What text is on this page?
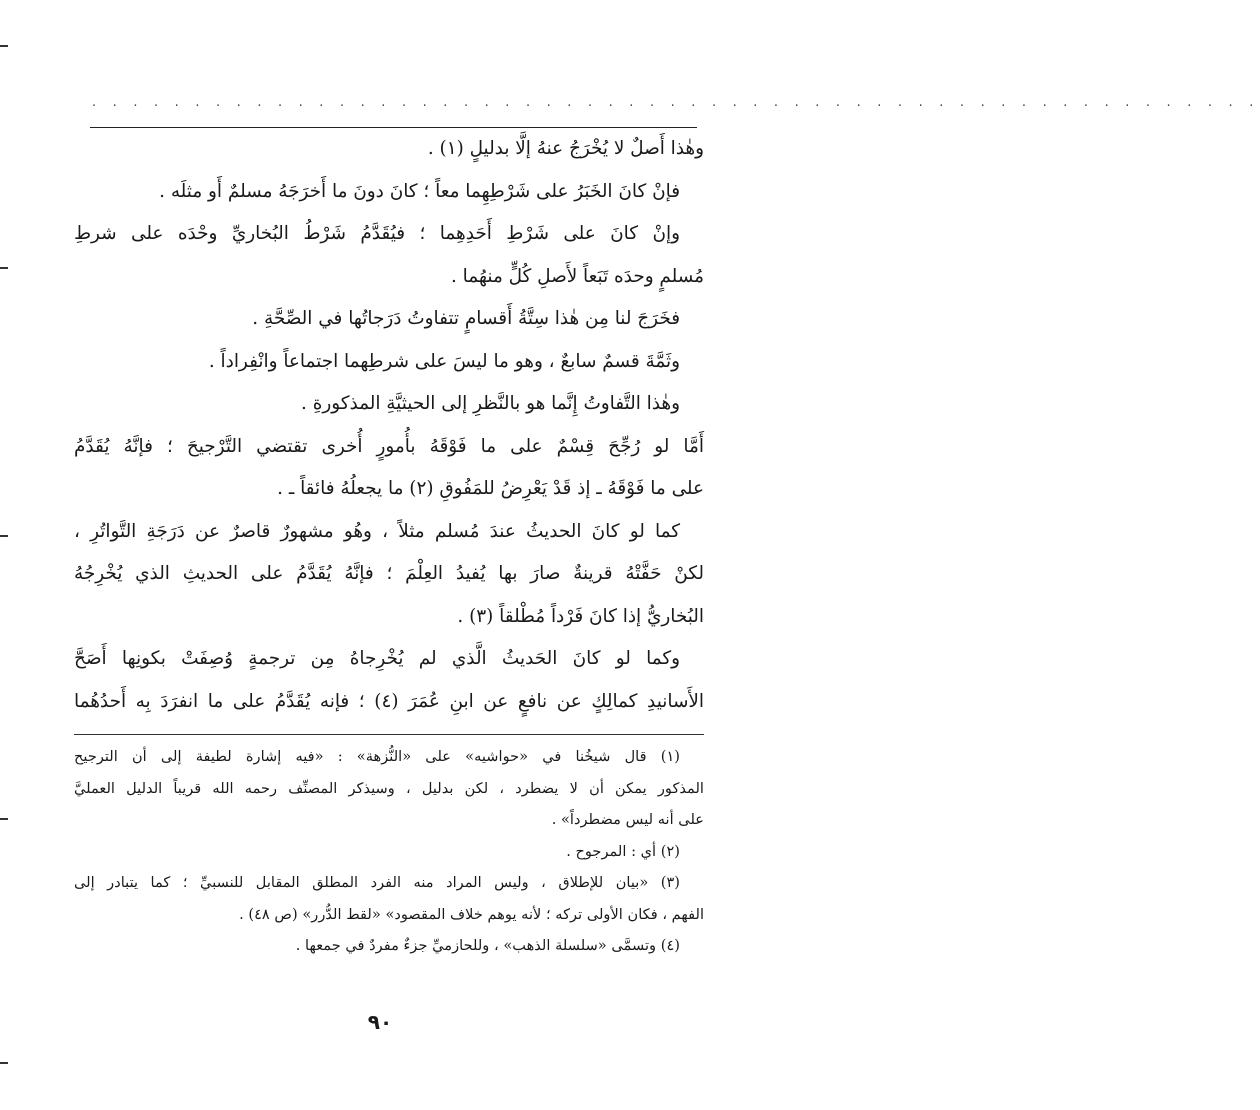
. . . . . . . . . . . . . . . . . . . . . . . . . . . . . . . . . . . . . . . . . . . . . . . . . . . . . . . . .
وهٰذا أَصلٌ لا يُخْرَجُ عنهُ إلَّا بدليلٍ (١) .
فإنْ كانَ الخَبَرُ على شَرْطِهِما معاً ؛ كانَ دونَ ما أَخرَجَهُ مسلمٌ أَو مثلَه .
وإنْ كانَ على شَرْطِ أَحَدِهِما ؛ فيُقَدَّمُ شَرْطُ البُخاريِّ وحْدَه على شرطِ
مُسلمٍ وحدَه تَبَعاً لأَصلِ كُلٍّ منهُما .
فخَرَجَ لنا مِن هٰذا سِتَّةُ أَقسامٍ تتفاوتُ دَرَجاتُها في الصِّحَّةِ .
وثَمَّةَ قسمٌ سابعٌ ، وهو ما ليسَ على شرطِهما اجتماعاً وانْفِراداً .
وهٰذا التَّفاوتُ إِنَّما هو بالنَّظرِ إلى الحيثيَّةِ المذكورةِ .
أَمَّا لو رُجِّحَ قِسْمٌ على ما فَوْقَهُ بأُمورٍ أُخرى تقتضي التَّرْجيحَ ؛ فإنَّهُ يُقَدَّمُ
على ما فَوْقَهُ ـ إذ قَدْ يَعْرِضُ للمَفُوقِ (٢) ما يجعلُهُ فائقاً ـ .
كما لو كانَ الحديثُ عندَ مُسلم مثلاً ، وهُو مشهورٌ قاصرٌ عن دَرَجَةِ التَّواتُرِ ،
لكنْ حَفَّتْهُ قرينةٌ صارَ بها يُفيدُ العِلْمَ ؛ فإنَّهُ يُقَدَّمُ على الحديثِ الذي يُخْرِجُهُ
البُخاريُّ إذا كانَ فَرْداً مُطْلقاً (٣) .
وكما لو كانَ الحَديثُ الَّذي لم يُخْرِجاهُ مِن ترجمةٍ وُصِفَتْ بكونِها أَصَحَّ
الأَسانيدِ كمالِكٍ عن نافعٍ عن ابنِ عُمَرَ (٤) ؛ فإنه يُقَدَّمُ على ما انفرَدَ بِه أَحدُهُما
(١) قال شيخُنا في «حواشيه» على «النُّزهة» : «فيه إشارة لطيفة إلى أن الترجيح
المذكور يمكن أن لا يضطرد ، لكن بدليل ، وسيذكر المصنِّف رحمه الله قريباً الدليل العمليَّ
على أنه ليس مضطرداً» .
(٢) أي : المرجوح .
(٣) «بيان للإطلاق ، وليس المراد منه الفرد المطلق المقابل للنسبيِّ ؛ كما يتبادر إلى
الفهم ، فكان الأولى تركه ؛ لأنه يوهم خلاف المقصود» «لقط الدُّرر» (ص ٤٨) .
(٤) وتسمَّى «سلسلة الذهب» ، وللحازميِّ جزءٌ مفردٌ في جمعها .
٩٠
